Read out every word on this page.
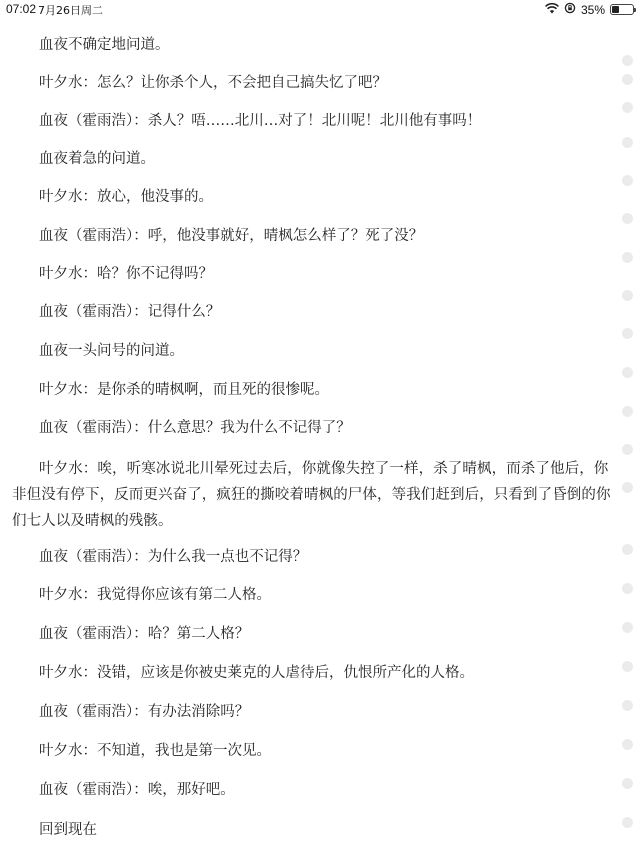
07:02 7月26日周二	35%
血夜不确定地问道。
叶夕水：怎么？让你杀个人，不会把自己搞失忆了吧？
血夜（霍雨浩）：杀人？唔……北川…对了！北川呢！北川他有事吗！
血夜着急的问道。
叶夕水：放心，他没事的。
血夜（霍雨浩）：呼，他没事就好，晴枫怎么样了？死了没？
叶夕水：哈？你不记得吗？
血夜（霍雨浩）：记得什么？
血夜一头问号的问道。
叶夕水：是你杀的晴枫啊，而且死的很惨呢。
血夜（霍雨浩）：什么意思？我为什么不记得了？
叶夕水：唉，听寒冰说北川晕死过去后，你就像失控了一样，杀了晴枫，而杀了他后，你非但没有停下，反而更兴奋了，疯狂的撕咬着晴枫的尸体，等我们赶到后，只看到了昏倒的你们七人以及晴枫的残骸。
血夜（霍雨浩）：为什么我一点也不记得？
叶夕水：我觉得你应该有第二人格。
血夜（霍雨浩）：哈？第二人格？
叶夕水：没错，应该是你被史莱克的人虐待后，仇恨所产化的人格。
血夜（霍雨浩）：有办法消除吗？
叶夕水：不知道，我也是第一次见。
血夜（霍雨浩）：唉，那好吧。
回到现在
